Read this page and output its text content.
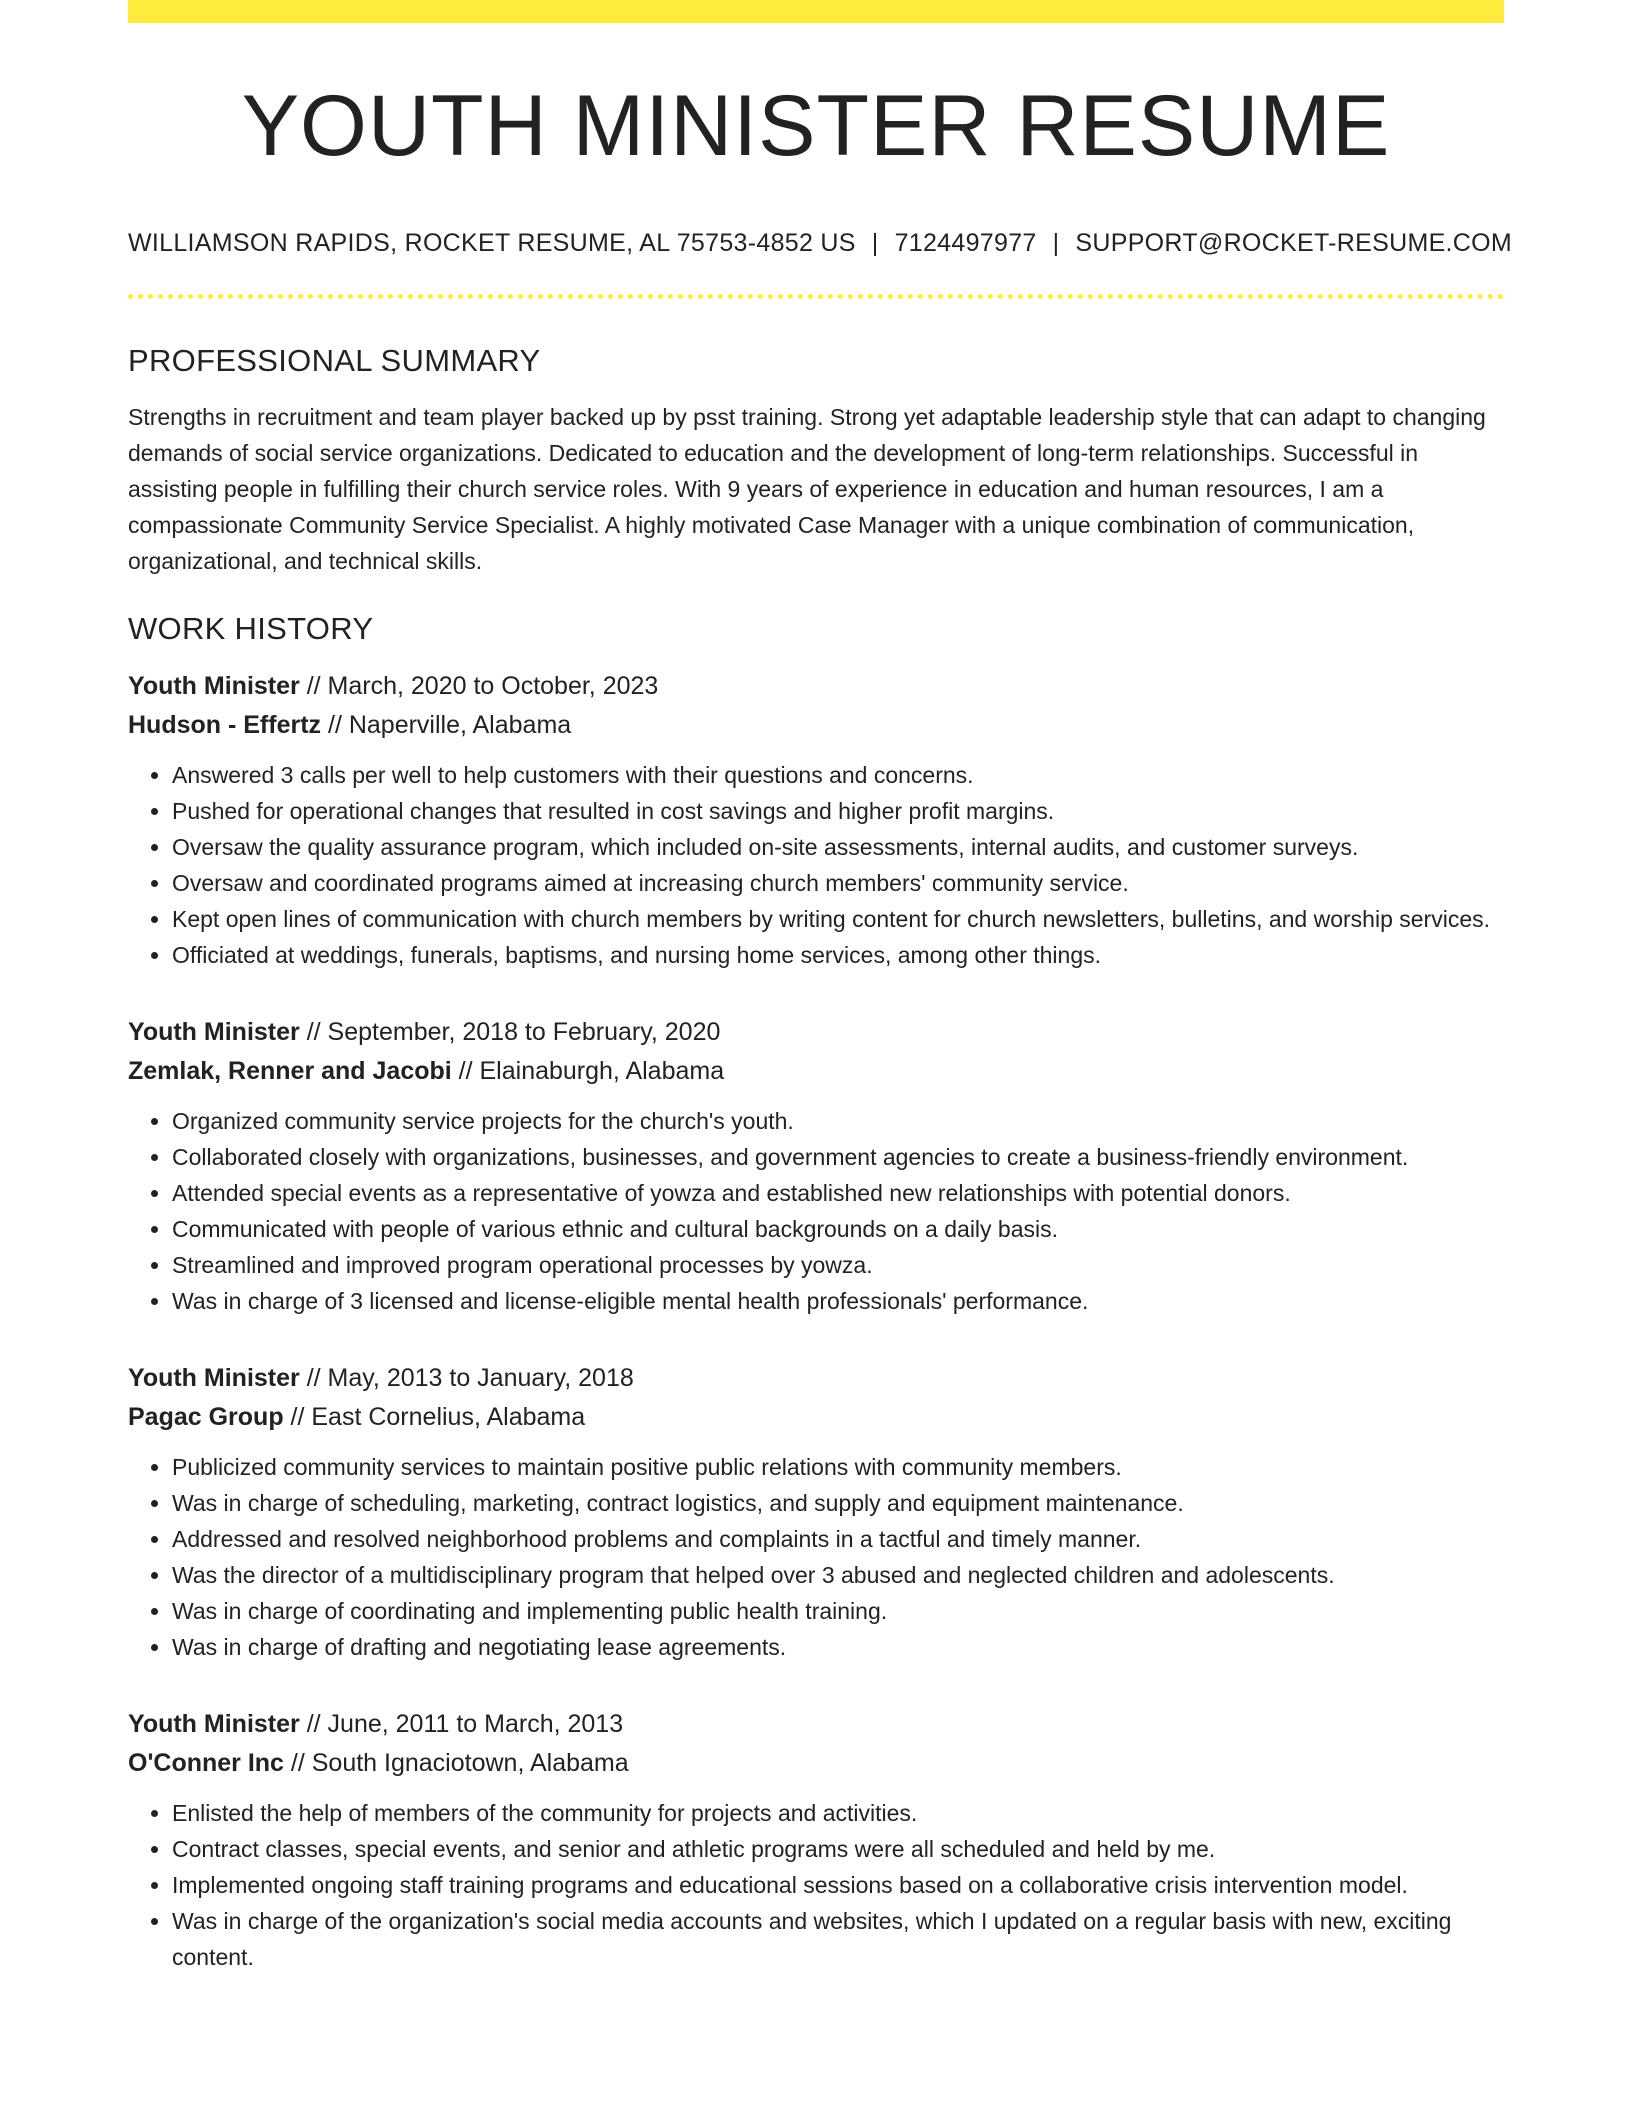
YOUTH MINISTER RESUME
WILLIAMSON RAPIDS, ROCKET RESUME, AL 75753-4852 US | 7124497977 | SUPPORT@ROCKET-RESUME.COM
PROFESSIONAL SUMMARY

Strengths in recruitment and team player backed up by psst training. Strong yet adaptable leadership style that can adapt to changing demands of social service organizations. Dedicated to education and the development of long-term relationships. Successful in assisting people in fulfilling their church service roles. With 9 years of experience in education and human resources, I am a compassionate Community Service Specialist. A highly motivated Case Manager with a unique combination of communication, organizational, and technical skills.

WORK HISTORY
Youth Minister // March, 2020 to October, 2023
Hudson - Effertz // Naperville, Alabama
• Answered 3 calls per well to help customers with their questions and concerns.
• Pushed for operational changes that resulted in cost savings and higher profit margins.
• Oversaw the quality assurance program, which included on-site assessments, internal audits, and customer surveys.
• Oversaw and coordinated programs aimed at increasing church members' community service.
• Kept open lines of communication with church members by writing content for church newsletters, bulletins, and worship services.
• Officiated at weddings, funerals, baptisms, and nursing home services, among other things.
Youth Minister // September, 2018 to February, 2020
Zemlak, Renner and Jacobi // Elainaburgh, Alabama
• Organized community service projects for the church's youth.
• Collaborated closely with organizations, businesses, and government agencies to create a business-friendly environment.
• Attended special events as a representative of yowza and established new relationships with potential donors.
• Communicated with people of various ethnic and cultural backgrounds on a daily basis.
• Streamlined and improved program operational processes by yowza.
• Was in charge of 3 licensed and license-eligible mental health professionals' performance.
Youth Minister // May, 2013 to January, 2018
Pagac Group // East Cornelius, Alabama
• Publicized community services to maintain positive public relations with community members.
• Was in charge of scheduling, marketing, contract logistics, and supply and equipment maintenance.
• Addressed and resolved neighborhood problems and complaints in a tactful and timely manner.
• Was the director of a multidisciplinary program that helped over 3 abused and neglected children and adolescents.
• Was in charge of coordinating and implementing public health training.
• Was in charge of drafting and negotiating lease agreements.
Youth Minister // June, 2011 to March, 2013
O'Conner Inc // South Ignaciotown, Alabama
• Enlisted the help of members of the community for projects and activities.
• Contract classes, special events, and senior and athletic programs were all scheduled and held by me.
• Implemented ongoing staff training programs and educational sessions based on a collaborative crisis intervention model.
• Was in charge of the organization's social media accounts and websites, which I updated on a regular basis with new, exciting content.
